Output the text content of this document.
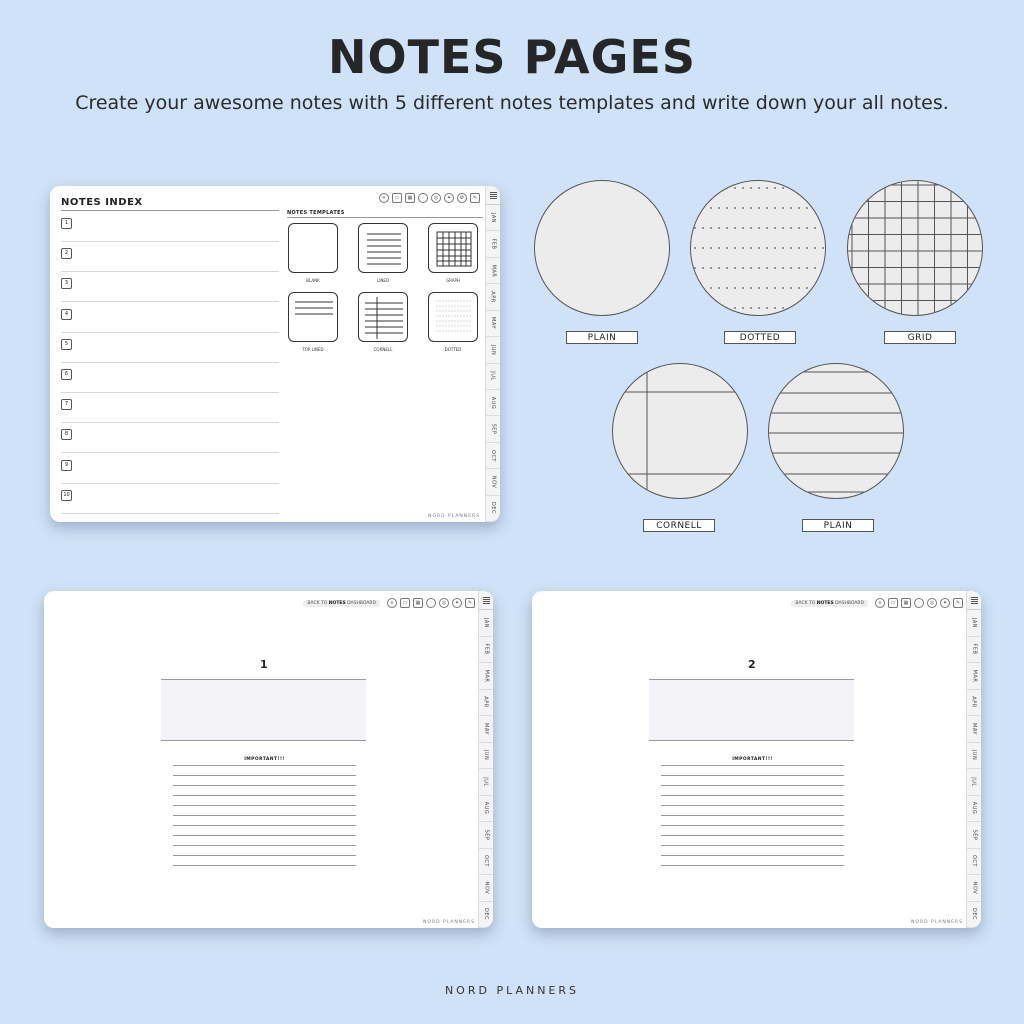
NOTES PAGES
Create your awesome notes with 5 different notes templates and write down your all notes.
+	▭	▦	·	◎	✦	⚙	✎
NOTES INDEX
1
2
3
4
5
6
7
8
9
10
NOTES TEMPLATES
BLANK	LINED	GRAPH
TOP LINED	CORNELL	DOTTED
NORD PLANNERS
JAN
FEB
MAR
APR
MAY
JUN
JUL
AUG
SEP
OCT
NOV
DEC
PLAIN	DOTTED	GRID
CORNELL	PLAIN
BACK TO NOTES DASHBOARD	+	▭	▦	·	◎	✦	✎
1
IMPORTANT!!!
NORD PLANNERS
JAN
FEB
MAR
APR
MAY
JUN
JUL
AUG
SEP
OCT
NOV
DEC
BACK TO NOTES DASHBOARD	+	▭	▦	·	◎	✦	✎
2
IMPORTANT!!!
NORD PLANNERS
JAN
FEB
MAR
APR
MAY
JUN
JUL
AUG
SEP
OCT
NOV
DEC
NORD PLANNERS
